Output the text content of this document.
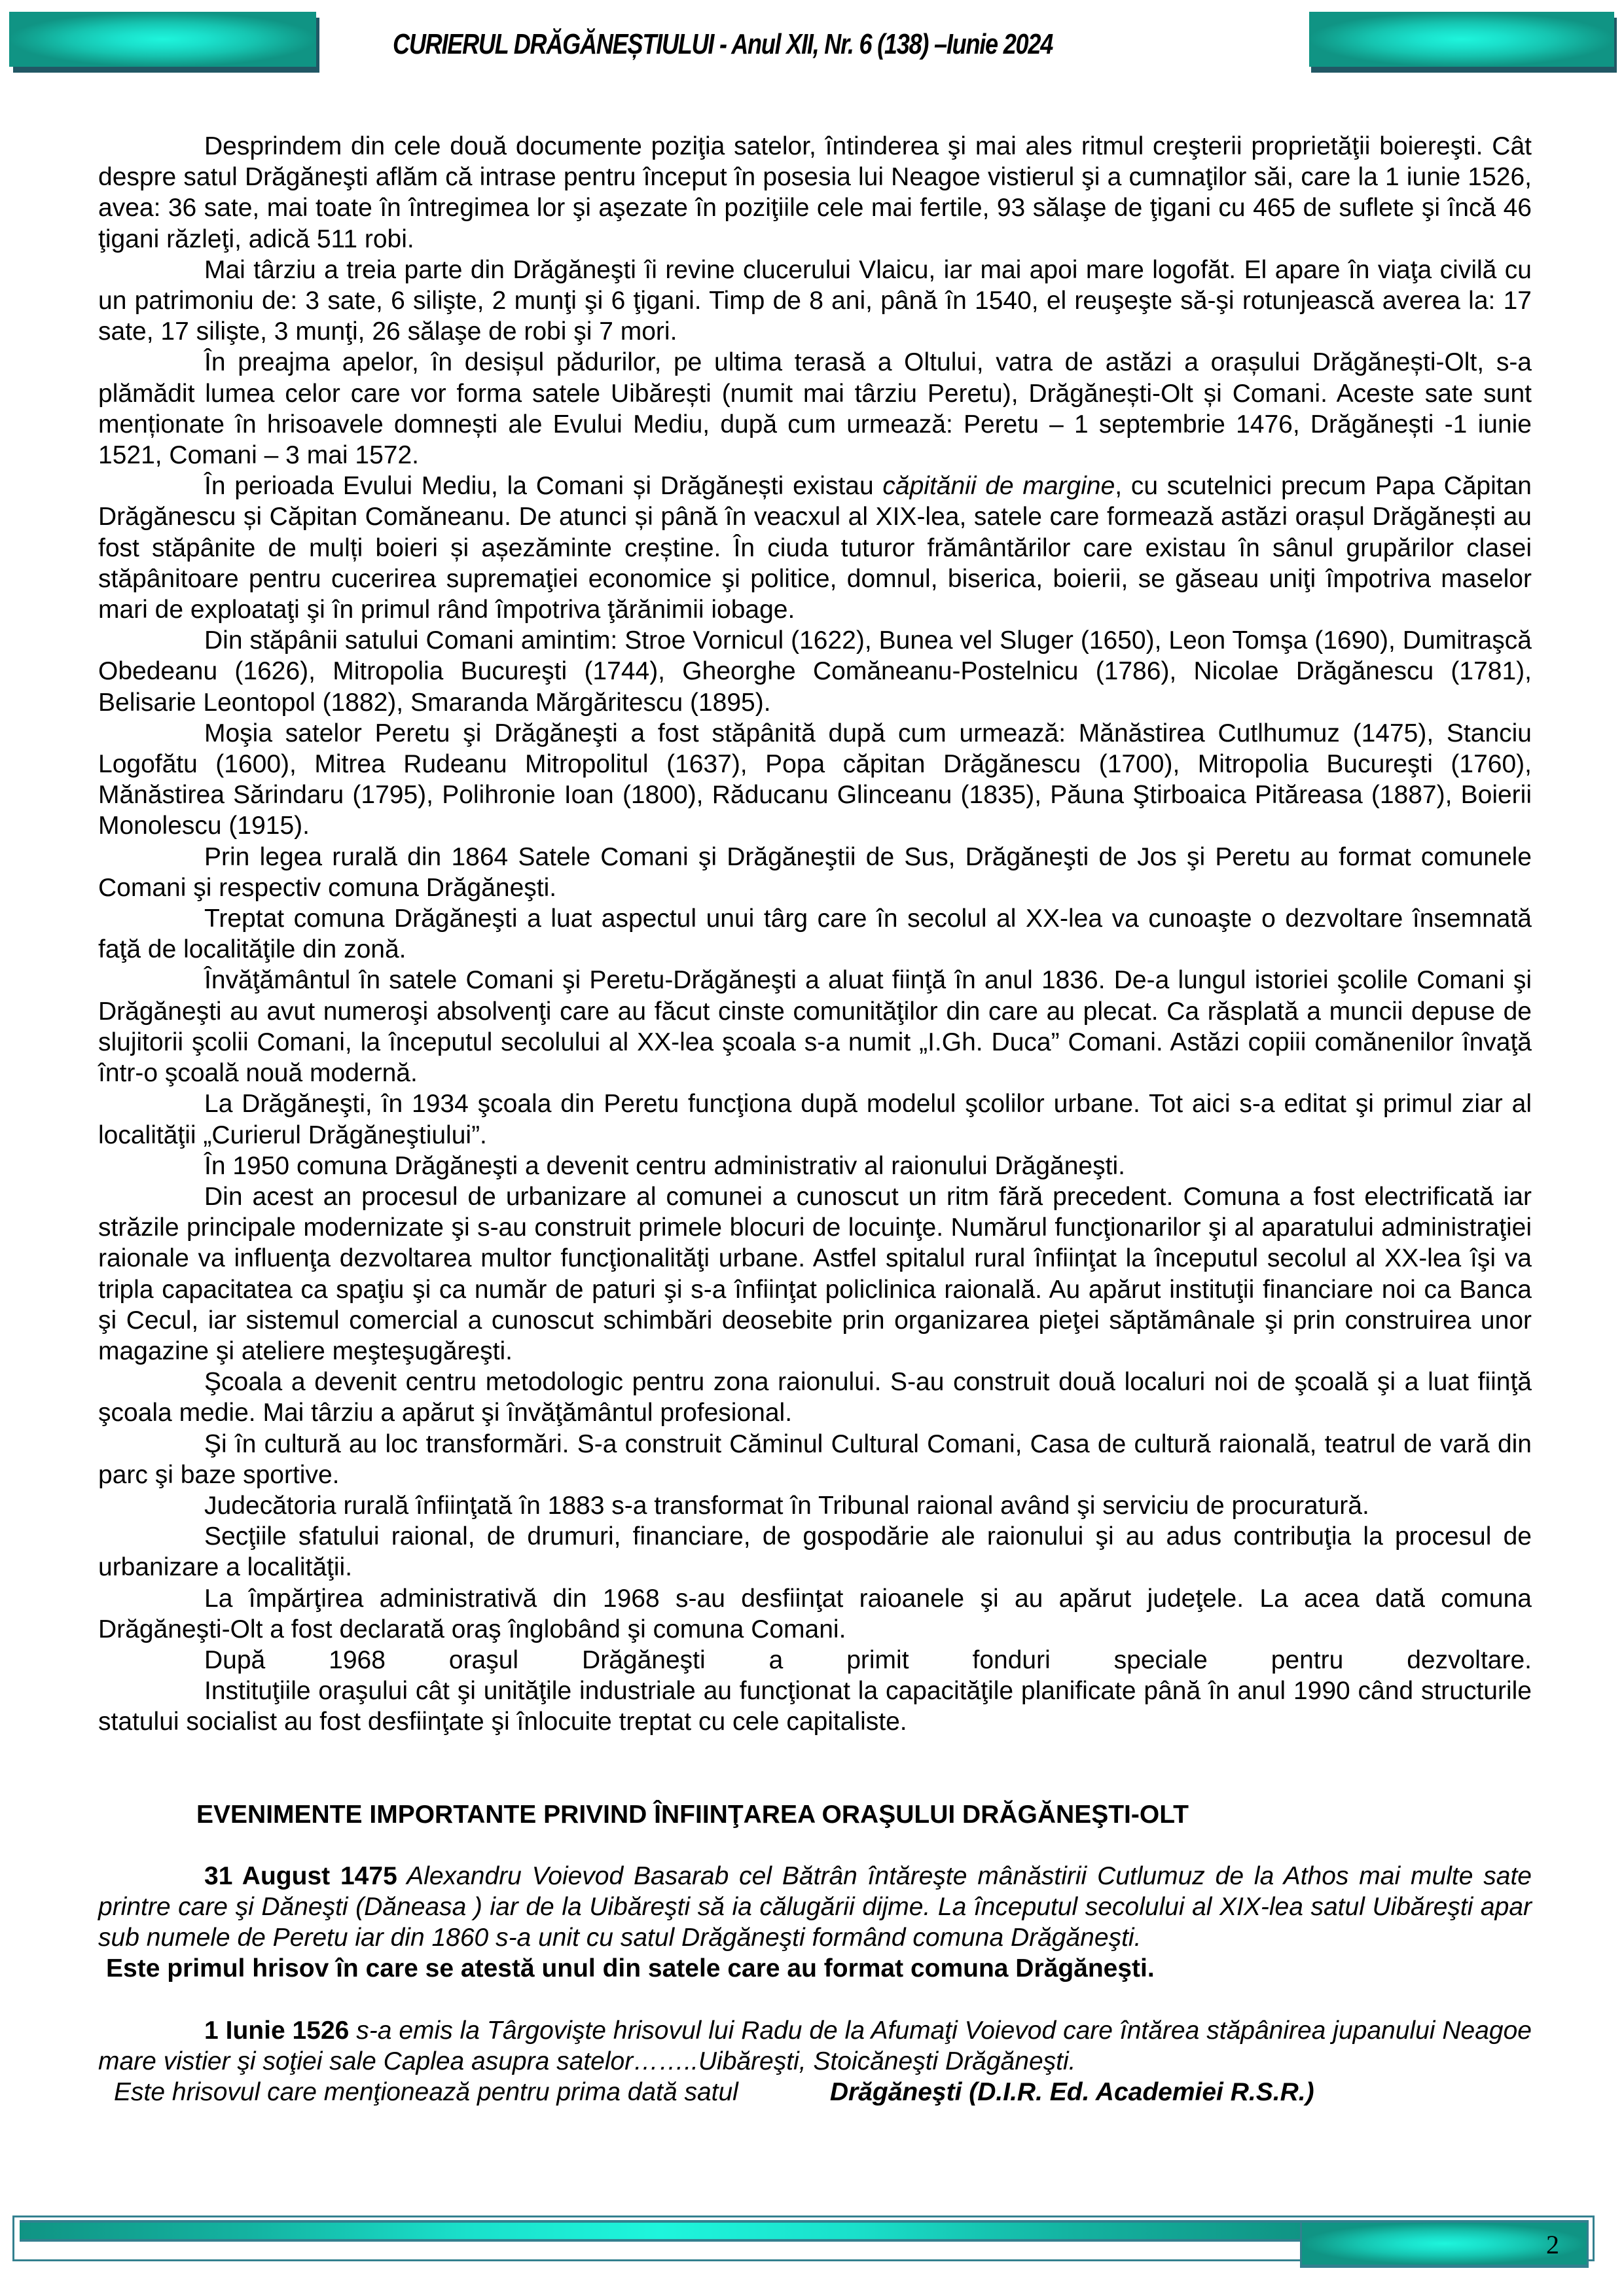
CURIERUL DRĂGĂNEȘTIULUI - Anul XII, Nr. 6 (138) –Iunie 2024

Desprindem din cele două documente poziţia satelor, întinderea şi mai ales ritmul creşterii proprietăţii boiereşti. Cât despre satul Drăgăneşti aflăm că intrase pentru început în posesia lui Neagoe vistierul şi a cumnaţilor săi, care la 1 iunie 1526, avea: 36 sate, mai toate în întregimea lor şi aşezate în poziţiile cele mai fertile, 93 sălaşe de ţigani cu 465 de suflete şi încă 46 ţigani răzleţi, adică 511 robi.

Mai târziu a treia parte din Drăgăneşti îi revine clucerului Vlaicu, iar mai apoi mare logofăt. El apare în viaţa civilă cu un patrimoniu de: 3 sate, 6 silişte, 2 munţi şi 6 ţigani. Timp de 8 ani, până în 1540, el reuşeşte să-şi rotunjească averea la: 17 sate, 17 silişte, 3 munţi, 26 sălaşe de robi şi 7 mori.

În preajma apelor, în desișul pădurilor, pe ultima terasă a Oltului, vatra de astăzi a orașului Drăgănești-Olt, s-a plămădit lumea celor care vor forma satele Uibărești (numit mai târziu Peretu), Drăgănești-Olt și Comani. Aceste sate sunt menționate în hrisoavele domnești ale Evului Mediu, după cum urmează: Peretu – 1 septembrie 1476, Drăgănești -1 iunie 1521, Comani – 3 mai 1572.

În perioada Evului Mediu, la Comani și Drăgănești existau căpitănii de margine, cu scutelnici precum Papa Căpitan Drăgănescu și Căpitan Comăneanu. De atunci și până în veacxul al XIX-lea, satele care formează astăzi orașul Drăgănești au fost stăpânite de mulți boieri și așezăminte creștine. În ciuda tuturor frământărilor care existau în sânul grupărilor clasei stăpânitoare pentru cucerirea supremaţiei economice şi politice, domnul, biserica, boierii, se găseau uniţi împotriva maselor mari de exploataţi şi în primul rând împotriva ţărănimii iobage.

Din stăpânii satului Comani amintim: Stroe Vornicul (1622), Bunea vel Sluger (1650), Leon Tomşa (1690), Dumitraşcă Obedeanu (1626), Mitropolia Bucureşti (1744), Gheorghe Comăneanu-Postelnicu (1786), Nicolae Drăgănescu (1781), Belisarie Leontopol (1882), Smaranda Mărgăritescu (1895).

Moşia satelor Peretu şi Drăgăneşti a fost stăpânită după cum urmează: Mănăstirea Cutlhumuz (1475), Stanciu Logofătu (1600), Mitrea Rudeanu Mitropolitul (1637), Popa căpitan Drăgănescu (1700), Mitropolia Bucureşti (1760), Mănăstirea Sărindaru (1795), Polihronie Ioan (1800), Răducanu Glinceanu (1835), Păuna Ştirboaica Pităreasa (1887), Boierii Monolescu (1915).

Prin legea rurală din 1864 Satele Comani şi Drăgăneştii de Sus, Drăgăneşti de Jos şi Peretu au format comunele Comani şi respectiv comuna Drăgăneşti.

Treptat comuna Drăgăneşti a luat aspectul unui târg care în secolul al XX-lea va cunoaşte o dezvoltare însemnată faţă de localităţile din zonă.

Învăţământul în satele Comani şi Peretu-Drăgăneşti a aluat fiinţă în anul 1836. De-a lungul istoriei şcolile Comani şi Drăgăneşti au avut numeroşi absolvenţi care au făcut cinste comunităţilor din care au plecat. Ca răsplată a muncii depuse de slujitorii şcolii Comani, la începutul secolului al XX-lea şcoala s-a numit „I.Gh. Duca” Comani. Astăzi copiii comănenilor învaţă într-o şcoală nouă modernă.

La Drăgăneşti, în 1934 şcoala din Peretu funcţiona după modelul şcolilor urbane. Tot aici s-a editat şi primul ziar al localităţii „Curierul Drăgăneştiului”.

În 1950 comuna Drăgăneşti a devenit centru administrativ al raionului Drăgăneşti.

Din acest an procesul de urbanizare al comunei a cunoscut un ritm fără precedent. Comuna a fost electrificată iar străzile principale modernizate şi s-au construit primele blocuri de locuinţe. Numărul funcţionarilor şi al aparatului administraţiei raionale va influenţa dezvoltarea multor funcţionalităţi urbane. Astfel spitalul rural înfiinţat la începutul secolul al XX-lea îşi va tripla capacitatea ca spaţiu şi ca număr de paturi şi s-a înfiinţat policlinica raională. Au apărut instituţii financiare noi ca Banca şi Cecul, iar sistemul comercial a cunoscut schimbări deosebite prin organizarea pieţei săptămânale şi prin construirea unor magazine şi ateliere meşteşugăreşti.

Şcoala a devenit centru metodologic pentru zona raionului. S-au construit două localuri noi de şcoală şi a luat fiinţă şcoala medie. Mai târziu a apărut şi învăţământul profesional.

Şi în cultură au loc transformări. S-a construit Căminul Cultural Comani, Casa de cultură raională, teatrul de vară din parc şi baze sportive.

Judecătoria rurală înfiinţată în 1883 s-a transformat în Tribunal raional având şi serviciu de procuratură.

Secţiile sfatului raional, de drumuri, financiare, de gospodărie ale raionului şi au adus contribuţia la procesul de urbanizare a localităţii.

La împărţirea administrativă din 1968 s-au desfiinţat raioanele şi au apărut judeţele. La acea dată comuna Drăgăneşti-Olt a fost declarată oraş înglobând şi comuna Comani.

După 1968 oraşul Drăgăneşti a primit fonduri speciale pentru dezvoltare.

Instituţiile oraşului cât şi unităţile industriale au funcţionat la capacităţile planificate până în anul 1990 când structurile statului socialist au fost desfiinţate şi înlocuite treptat cu cele capitaliste.

EVENIMENTE IMPORTANTE PRIVIND ÎNFIINŢAREA ORAŞULUI DRĂGĂNEŞTI-OLT

31 August 1475 Alexandru Voievod Basarab cel Bătrân întăreşte mânăstirii Cutlumuz de la Athos mai multe sate printre care şi Dăneşti (Dăneasa ) iar de la Uibăreşti să ia călugării dijme. La începutul secolului al XIX-lea satul Uibăreşti apar sub numele de Peretu iar din 1860 s-a unit cu satul Drăgăneşti formând comuna Drăgăneşti.

Este primul hrisov în care se atestă unul din satele care au format comuna Drăgăneşti.

1 Iunie 1526 s-a emis la Târgovişte hrisovul lui Radu de la Afumaţi Voievod care întărea stăpânirea jupanului Neagoe mare vistier şi soţiei sale Caplea asupra satelor……..Uibăreşti, Stoicăneşti Drăgăneşti.

Este hrisovul care menţionează pentru prima dată satul	Drăgăneşti (D.I.R. Ed. Academiei R.S.R.)

2
